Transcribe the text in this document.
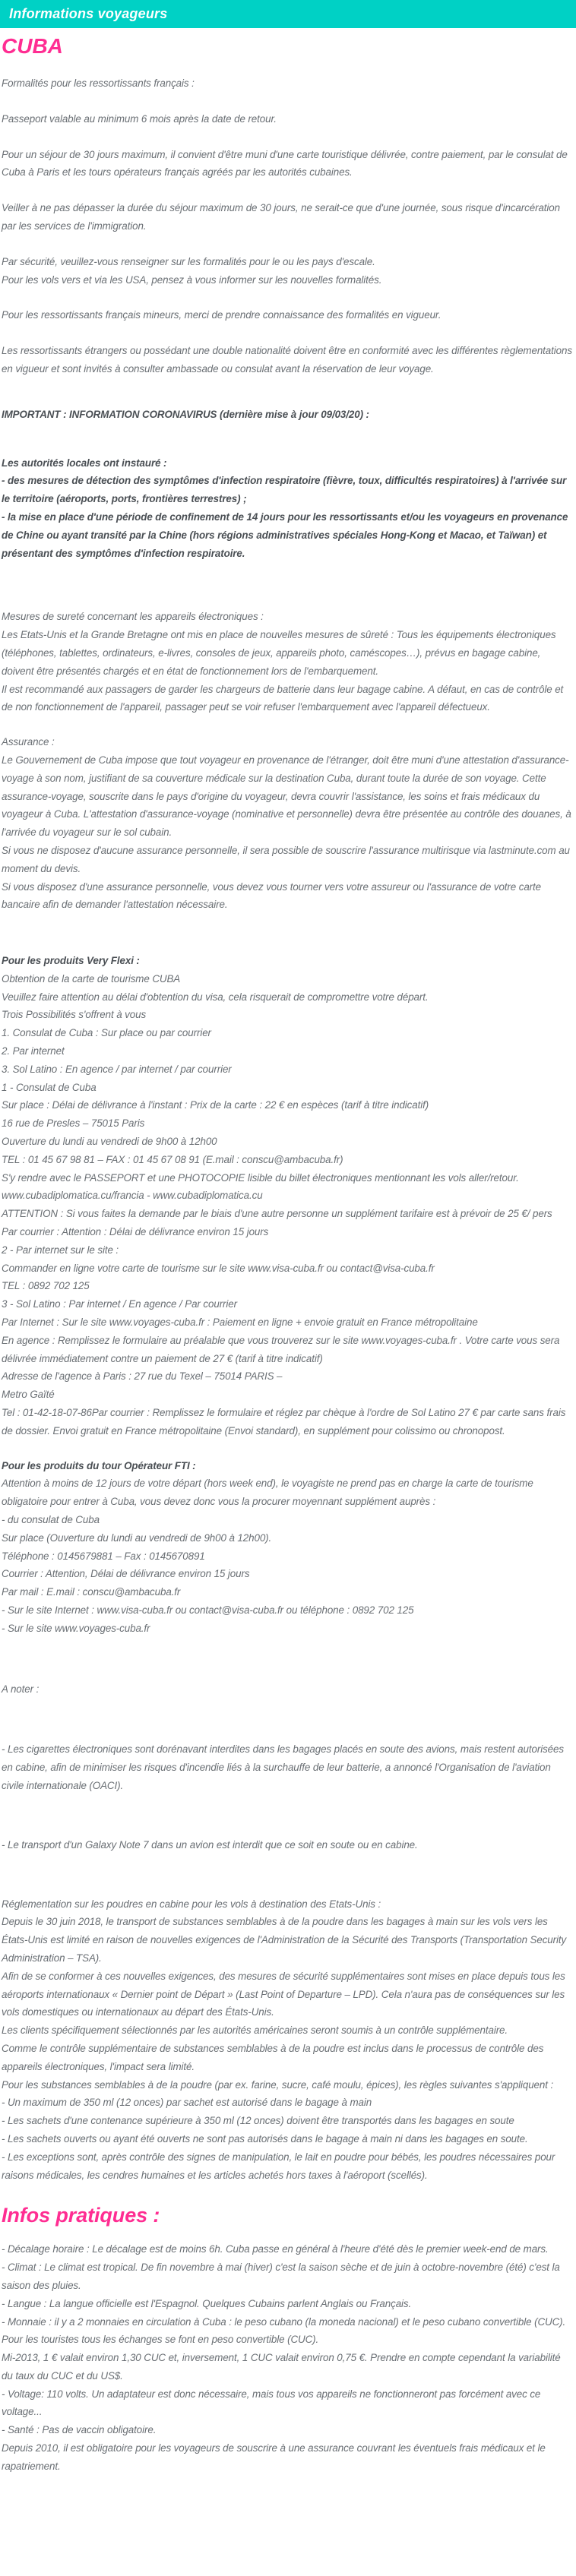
Informations voyageurs
CUBA
Formalités pour les ressortissants français :
Passeport valable au minimum 6 mois après la date de retour.
Pour un séjour de 30 jours maximum, il convient d'être muni d'une carte touristique délivrée, contre paiement, par le consulat de Cuba à Paris et les tours opérateurs français agréés par les autorités cubaines.
Veiller à ne pas dépasser la durée du séjour maximum de 30 jours, ne serait-ce que d'une journée, sous risque d'incarcération par les services de l'immigration.
Par sécurité, veuillez-vous renseigner sur les formalités pour le ou les pays d'escale.
Pour les vols vers et via les USA, pensez à vous informer sur les nouvelles formalités.
Pour les ressortissants français mineurs, merci de prendre connaissance des formalités en vigueur.
Les ressortissants étrangers ou possédant une double nationalité doivent être en conformité avec les différentes règlementations en vigueur et sont invités à consulter ambassade ou consulat avant la réservation de leur voyage.
IMPORTANT : INFORMATION CORONAVIRUS (dernière mise à jour 09/03/20) :
Les autorités locales ont instauré :
- des mesures de détection des symptômes d'infection respiratoire (fièvre, toux, difficultés respiratoires) à l'arrivée sur le territoire (aéroports, ports, frontières terrestres) ;
- la mise en place d'une période de confinement de 14 jours pour les ressortissants et/ou les voyageurs en provenance de Chine ou ayant transité par la Chine (hors régions administratives spéciales Hong-Kong et Macao, et Taïwan) et présentant des symptômes d'infection respiratoire.
Mesures de sureté concernant les appareils électroniques :
Les Etats-Unis et la Grande Bretagne ont mis en place de nouvelles mesures de sûreté : Tous les équipements électroniques (téléphones, tablettes, ordinateurs, e-livres, consoles de jeux, appareils photo, caméscopes…), prévus en bagage cabine, doivent être présentés chargés et en état de fonctionnement lors de l'embarquement.
Il est recommandé aux passagers de garder les chargeurs de batterie dans leur bagage cabine. A défaut, en cas de contrôle et de non fonctionnement de l'appareil, passager peut se voir refuser l'embarquement avec l'appareil défectueux.
Assurance :
Le Gouvernement de Cuba impose que tout voyageur en provenance de l'étranger, doit être muni d'une attestation d'assurance-voyage à son nom, justifiant de sa couverture médicale sur la destination Cuba, durant toute la durée de son voyage. Cette assurance-voyage, souscrite dans le pays d'origine du voyageur, devra couvrir l'assistance, les soins et frais médicaux du voyageur à Cuba. L'attestation d'assurance-voyage (nominative et personnelle) devra être présentée au contrôle des douanes, à l'arrivée du voyageur sur le sol cubain.
Si vous ne disposez d'aucune assurance personnelle, il sera possible de souscrire l'assurance multirisque via lastminute.com au moment du devis.
Si vous disposez d'une assurance personnelle, vous devez vous tourner vers votre assureur ou l'assurance de votre carte bancaire afin de demander l'attestation nécessaire.
Pour les produits Very Flexi :
Obtention de la carte de tourisme CUBA
Veuillez faire attention au délai d'obtention du visa, cela risquerait de compromettre votre départ.
Trois Possibilités s'offrent à vous
1. Consulat de Cuba : Sur place ou par courrier
2. Par internet
3. Sol Latino : En agence / par internet / par courrier
1 - Consulat de Cuba
Sur place : Délai de délivrance à l'instant : Prix de la carte : 22 € en espèces (tarif à titre indicatif)
16 rue de Presles – 75015 Paris
Ouverture du lundi au vendredi de 9h00 à 12h00
TEL : 01 45 67 98 81 – FAX : 01 45 67 08 91 (E.mail : conscu@ambacuba.fr)
S'y rendre avec le PASSEPORT et une PHOTOCOPIE lisible du billet électroniques mentionnant les vols aller/retour.
www.cubadiplomatica.cu/francia - www.cubadiplomatica.cu
ATTENTION : Si vous faites la demande par le biais d'une autre personne un supplément tarifaire est à prévoir de 25 €/ pers
Par courrier : Attention : Délai de délivrance environ 15 jours
2 - Par internet sur le site :
Commander en ligne votre carte de tourisme sur le site www.visa-cuba.fr ou contact@visa-cuba.fr
TEL : 0892 702 125
3 - Sol Latino : Par internet / En agence / Par courrier
Par Internet : Sur le site www.voyages-cuba.fr : Paiement en ligne + envoie gratuit en France métropolitaine
En agence : Remplissez le formulaire au préalable que vous trouverez sur le site www.voyages-cuba.fr . Votre carte vous sera délivrée immédiatement contre un paiement de 27 € (tarif à titre indicatif)
Adresse de l'agence à Paris : 27 rue du Texel – 75014 PARIS –
Metro Gaïté
Tel : 01-42-18-07-86Par courrier : Remplissez le formulaire et réglez par chèque à l'ordre de Sol Latino 27 € par carte sans frais de dossier. Envoi gratuit en France métropolitaine (Envoi standard), en supplément pour colissimo ou chronopost.
Pour les produits du tour Opérateur FTI :
Attention à moins de 12 jours de votre départ (hors week end), le voyagiste ne prend pas en charge la carte de tourisme obligatoire pour entrer à Cuba, vous devez donc vous la procurer moyennant supplément auprès :
- du consulat de Cuba
Sur place (Ouverture du lundi au vendredi de 9h00 à 12h00).
Téléphone : 0145679881 – Fax : 0145670891
Courrier : Attention, Délai de délivrance environ 15 jours
Par mail : E.mail : conscu@ambacuba.fr
- Sur le site Internet : www.visa-cuba.fr ou contact@visa-cuba.fr ou téléphone : 0892 702 125
- Sur le site www.voyages-cuba.fr
A noter :
- Les cigarettes électroniques sont dorénavant interdites dans les bagages placés en soute des avions, mais restent autorisées en cabine, afin de minimiser les risques d'incendie liés à la surchauffe de leur batterie, a annoncé l'Organisation de l'aviation civile internationale (OACI).
- Le transport d'un Galaxy Note 7 dans un avion est interdit que ce soit en soute ou en cabine.
Réglementation sur les poudres en cabine pour les vols à destination des Etats-Unis :
Depuis le 30 juin 2018, le transport de substances semblables à de la poudre dans les bagages à main sur les vols vers les États-Unis est limité en raison de nouvelles exigences de l'Administration de la Sécurité des Transports (Transportation Security Administration – TSA).
Afin de se conformer à ces nouvelles exigences, des mesures de sécurité supplémentaires sont mises en place depuis tous les aéroports internationaux « Dernier point de Départ » (Last Point of Departure – LPD). Cela n'aura pas de conséquences sur les vols domestiques ou internationaux au départ des États-Unis.
Les clients spécifiquement sélectionnés par les autorités américaines seront soumis à un contrôle supplémentaire.
Comme le contrôle supplémentaire de substances semblables à de la poudre est inclus dans le processus de contrôle des appareils électroniques, l'impact sera limité.
Pour les substances semblables à de la poudre (par ex. farine, sucre, café moulu, épices), les règles suivantes s'appliquent :
- Un maximum de 350 ml (12 onces) par sachet est autorisé dans le bagage à main
- Les sachets d'une contenance supérieure à 350 ml (12 onces) doivent être transportés dans les bagages en soute
- Les sachets ouverts ou ayant été ouverts ne sont pas autorisés dans le bagage à main ni dans les bagages en soute.
- Les exceptions sont, après contrôle des signes de manipulation, le lait en poudre pour bébés, les poudres nécessaires pour raisons médicales, les cendres humaines et les articles achetés hors taxes à l'aéroport (scellés).
Infos pratiques :
- Décalage horaire : Le décalage est de moins 6h. Cuba passe en général à l'heure d'été dès le premier week-end de mars.
- Climat : Le climat est tropical. De fin novembre à mai (hiver) c'est la saison sèche et de juin à octobre-novembre (été) c'est la saison des pluies.
- Langue : La langue officielle est l'Espagnol. Quelques Cubains parlent Anglais ou Français.
- Monnaie : il y a 2 monnaies en circulation à Cuba : le peso cubano (la moneda nacional) et le peso cubano convertible (CUC).
Pour les touristes tous les échanges se font en peso convertible (CUC).
Mi-2013, 1 € valait environ 1,30 CUC et, inversement, 1 CUC valait environ 0,75 €. Prendre en compte cependant la variabilité du taux du CUC et du US$.
- Voltage: 110 volts. Un adaptateur est donc nécessaire, mais tous vos appareils ne fonctionneront pas forcément avec ce voltage...
- Santé : Pas de vaccin obligatoire.
Depuis 2010, il est obligatoire pour les voyageurs de souscrire à une assurance couvrant les éventuels frais médicaux et le rapatriement.
